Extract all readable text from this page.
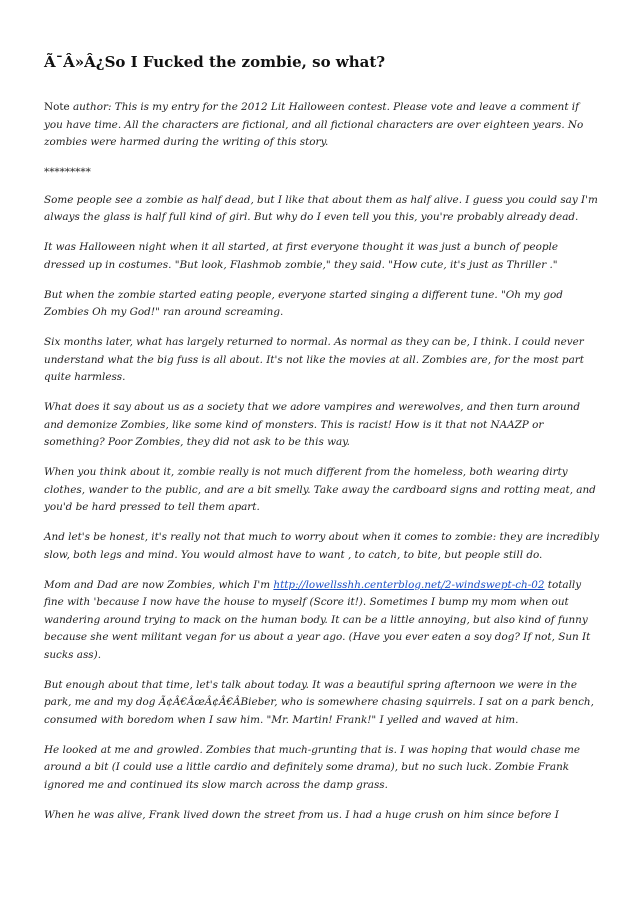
Ã¯Â»Â¿So I Fucked the zombie, so what?

Note author: This is my entry for the 2012 Lit Halloween contest. Please vote and leave a comment if you have time. All the characters are fictional, and all fictional characters are over eighteen years. No zombies were harmed during the writing of this story.

*********

Some people see a zombie as half dead, but I like that about them as half alive. I guess you could say I'm always the glass is half full kind of girl. But why do I even tell you this, you're probably already dead.

It was Halloween night when it all started, at first everyone thought it was just a bunch of people dressed up in costumes. "But look, Flashmob zombie," they said. "How cute, it's just as Thriller ."

But when the zombie started eating people, everyone started singing a different tune. "Oh my god Zombies Oh my God!" ran around screaming.

Six months later, what has largely returned to normal. As normal as they can be, I think. I could never understand what the big fuss is all about. It's not like the movies at all. Zombies are, for the most part quite harmless.

What does it say about us as a society that we adore vampires and werewolves, and then turn around and demonize Zombies, like some kind of monsters. This is racist! How is it that not NAAZP or something? Poor Zombies, they did not ask to be this way.

When you think about it, zombie really is not much different from the homeless, both wearing dirty clothes, wander to the public, and are a bit smelly. Take away the cardboard signs and rotting meat, and you'd be hard pressed to tell them apart.

And let's be honest, it's really not that much to worry about when it comes to zombie: they are incredibly slow, both legs and mind. You would almost have to want , to catch, to bite, but people still do.

Mom and Dad are now Zombies, which I'm http://lowellsshh.centerblog.net/2-windswept-ch-02 totally fine with 'because I now have the house to myself (Score it!). Sometimes I bump my mom when out wandering around trying to mack on the human body. It can be a little annoying, but also kind of funny because she went militant vegan for us about a year ago. (Have you ever eaten a soy dog? If not, Sun It sucks ass).

But enough about that time, let's talk about today. It was a beautiful spring afternoon we were in the park, me and my dog Ã¢Â€ÂœÂ¢Â€ÂBieber, who is somewhere chasing squirrels. I sat on a park bench, consumed with boredom when I saw him. "Mr. Martin! Frank!" I yelled and waved at him.

He looked at me and growled. Zombies that much-grunting that is. I was hoping that would chase me around a bit (I could use a little cardio and definitely some drama), but no such luck. Zombie Frank ignored me and continued its slow march across the damp grass.

When he was alive, Frank lived down the street from us. I had a huge crush on him since before I
